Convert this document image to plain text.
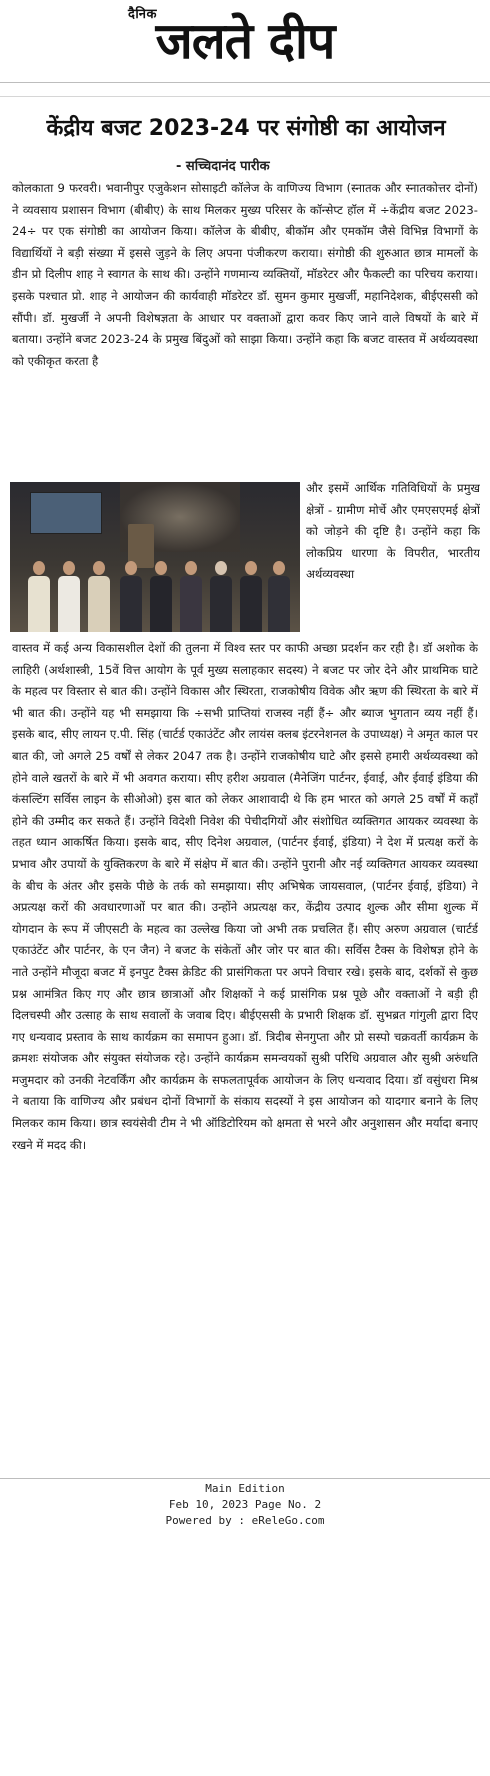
दैनिक
जलते दीप
केंद्रीय बजट 2023-24 पर संगोष्ठी का आयोजन
- सच्चिदानंद पारीक

कोलकाता 9 फरवरी। भवानीपुर एजुकेशन सोसाइटी कॉलेज के वाणिज्य विभाग (स्नातक और स्नातकोत्तर दोनों) ने व्यवसाय प्रशासन विभाग (बीबीए) के साथ मिलकर मुख्य परिसर के कॉन्सेप्ट हॉल में ÷केंद्रीय बजट 2023-24÷ पर एक संगोष्ठी का आयोजन किया। कॉलेज के बीबीए, बीकॉम और एमकॉम जैसे विभिन्न विभागों के विद्यार्थियों ने बड़ी संख्या में इससे जुड़ने के लिए अपना पंजीकरण कराया। संगोष्ठी की शुरुआत छात्र मामलों के डीन प्रो दिलीप शाह ने स्वागत के साथ की। उन्होंने गणमान्य व्यक्तियों, मॉडरेटर और फैकल्टी का परिचय कराया। इसके पश्चात प्रो. शाह ने आयोजन की कार्यवाही मॉडरेटर डॉ. सुमन कुमार मुखर्जी, महानिदेशक, बीईएससी को सौंपी। डॉ. मुखर्जी ने अपनी विशेषज्ञता के आधार पर वक्ताओं द्वारा कवर किए जाने वाले विषयों के बारे में बताया। उन्होंने बजट 2023-24 के प्रमुख बिंदुओं को साझा किया। उन्होंने कहा कि बजट वास्तव में अर्थव्यवस्था को एकीकृत करता है

और इसमें आर्थिक गतिविधियों के प्रमुख क्षेत्रों - ग्रामीण मोर्चे और एमएसएमई क्षेत्रों को जोड़ने की दृष्टि है। उन्होंने कहा कि लोकप्रिय धारणा के विपरीत, भारतीय अर्थव्यवस्था

वास्तव में कई अन्य विकासशील देशों की तुलना में विश्व स्तर पर काफी अच्छा प्रदर्शन कर रही है। डॉ अशोक के लाहिरी (अर्थशास्त्री, 15वें वित्त आयोग के पूर्व मुख्य सलाहकार सदस्य) ने बजट पर जोर देने और प्राथमिक घाटे के महत्व पर विस्तार से बात की। उन्होंने विकास और स्थिरता, राजकोषीय विवेक और ऋण की स्थिरता के बारे में भी बात की। उन्होंने यह भी समझाया कि ÷सभी प्राप्तियां राजस्व नहीं हैं÷ और ब्याज भुगतान व्यय नहीं हैं। इसके बाद, सीए लायन ए.पी. सिंह (चार्टर्ड एकाउंटेंट और लायंस क्लब इंटरनेशनल के उपाध्यक्ष) ने अमृत काल पर बात की, जो अगले 25 वर्षों से लेकर 2047 तक है। उन्होंने राजकोषीय घाटे और इससे हमारी अर्थव्यवस्था को होने वाले खतरों के बारे में भी अवगत कराया। सीए हरीश अग्रवाल (मैनेजिंग पार्टनर, ईवाई, और ईवाई इंडिया की कंसल्टिंग सर्विस लाइन के सीओओ) इस बात को लेकर आशावादी थे कि हम भारत को अगले 25 वर्षों में कहाँ होने की उम्मीद कर सकते हैं। उन्होंने विदेशी निवेश की पेचीदगियों और संशोधित व्यक्तिगत आयकर व्यवस्था के तहत ध्यान आकर्षित किया। इसके बाद, सीए दिनेश अग्रवाल, (पार्टनर ईवाई, इंडिया) ने देश में प्रत्यक्ष करों के प्रभाव और उपायों के युक्तिकरण के बारे में संक्षेप में बात की। उन्होंने पुरानी और नई व्यक्तिगत आयकर व्यवस्था के बीच के अंतर और इसके पीछे के तर्क को समझाया। सीए अभिषेक जायसवाल, (पार्टनर ईवाई, इंडिया) ने अप्रत्यक्ष करों की अवधारणाओं पर बात की। उन्होंने अप्रत्यक्ष कर, केंद्रीय उत्पाद शुल्क और सीमा शुल्क में योगदान के रूप में जीएसटी के महत्व का उल्लेख किया जो अभी तक प्रचलित हैं। सीए अरुण अग्रवाल (चार्टर्ड एकाउंटेंट और पार्टनर, के एन जैन) ने बजट के संकेतों और जोर पर बात की। सर्विस टैक्स के विशेषज्ञ होने के नाते उन्होंने मौजूदा बजट में इनपुट टैक्स क्रेडिट की प्रासंगिकता पर अपने विचार रखे। इसके बाद, दर्शकों से कुछ प्रश्न आमंत्रित किए गए और छात्र छात्राओं और शिक्षकों ने कई प्रासंगिक प्रश्न पूछे और वक्ताओं ने बड़ी ही दिलचस्पी और उत्साह के साथ सवालों के जवाब दिए। बीईएससी के प्रभारी शिक्षक डॉ. सुभब्रत गांगुली द्वारा दिए गए धन्यवाद प्रस्ताव के साथ कार्यक्रम का समापन हुआ। डॉ. त्रिदीब सेनगुप्ता और प्रो सस्पो चक्रवर्ती कार्यक्रम के क्रमशः संयोजक और संयुक्त संयोजक रहे। उन्होंने कार्यक्रम समन्वयकों सुश्री परिधि अग्रवाल और सुश्री अरुंधति मजुमदार को उनकी नेटवर्किंग और कार्यक्रम के सफलतापूर्वक आयोजन के लिए धन्यवाद दिया। डॉ वसुंधरा मिश्र ने बताया कि वाणिज्य और प्रबंधन दोनों विभागों के संकाय सदस्यों ने इस आयोजन को यादगार बनाने के लिए मिलकर काम किया। छात्र स्वयंसेवी टीम ने भी ऑडिटोरियम को क्षमता से भरने और अनुशासन और मर्यादा बनाए रखने में मदद की।

Main Edition
Feb 10, 2023 Page No. 2
Powered by : eReleGo.com
